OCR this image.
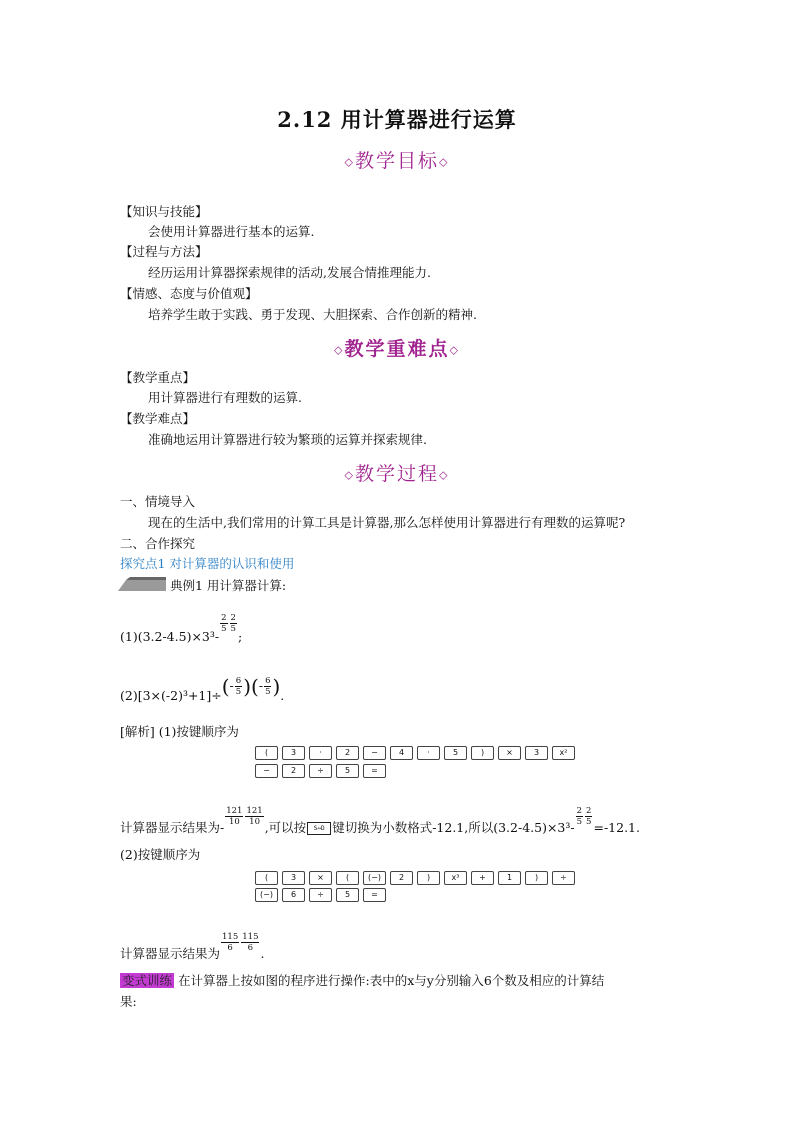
2.12 用计算器进行运算
◇教学目标◇
【知识与技能】
会使用计算器进行基本的运算.
【过程与方法】
经历运用计算器探索规律的活动,发展合情推理能力.
【情感、态度与价值观】
培养学生敢于实践、勇于发现、大胆探索、合作创新的精神.
◇教学重难点◇
【教学重点】
用计算器进行有理数的运算.
【教学难点】
准确地运用计算器进行较为繁琐的运算并探索规律.
◇教学过程◇
一、情境导入
现在的生活中,我们常用的计算工具是计算器,那么怎样使用计算器进行有理数的运算呢?
二、合作探究
探究点1 对计算器的认识和使用
典例1 用计算器计算:
(1)(3.2-4.5)×3³-
$\frac{2}{5} \frac{2}{5}$
;
$(2)[3\times(-2)^3+1]\div(- \frac{6}{5}$ )(- $\frac{6}{5}$ ).
[解析] (1)按键顺序为
(	3	·	2	−	4	·	5	)	×	3	x²
−	2	÷	5	=
计算器显示结果为-
$\frac{121}{10} \frac{121}{10}$
,可以按 S⇔D 键切换为小数格式-12.1,所以(3.2-4.5)×3³-
$\frac{2}{5} \frac{2}{5}$
=-12.1.
(2)按键顺序为
(	3	×	( (−) 2	)	x³ +	1	)	÷
(−) 6	÷	5	=
计算器显示结果为
$\frac{115}{6} \frac{115}{6}$
.
变式训练 在计算器上按如图的程序进行操作:表中的x与y分别输入6个数及相应的计算结
果:
